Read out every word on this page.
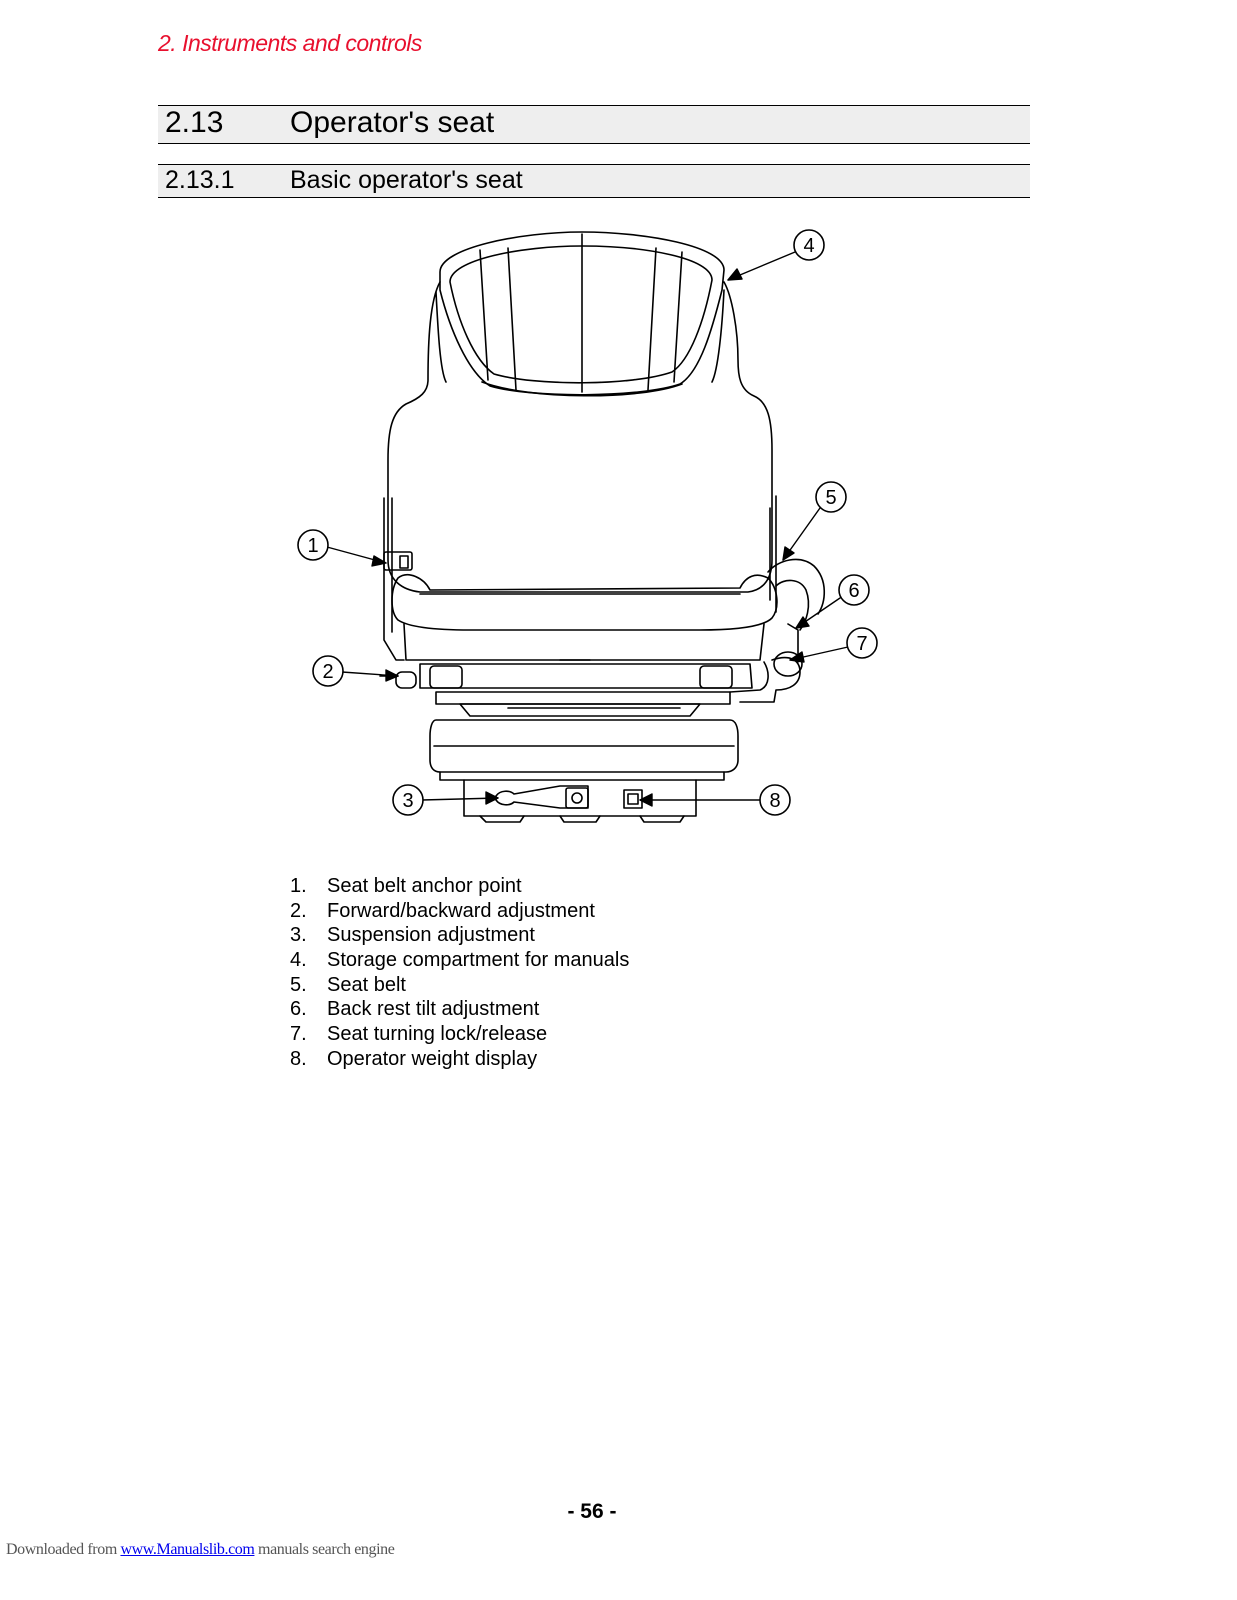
2. Instruments and controls
2.13 Operator's seat
2.13.1 Basic operator's seat
1
2
3
4
5
6
7
8
1. Seat belt anchor point
2. Forward/backward adjustment
3. Suspension adjustment
4. Storage compartment for manuals
5. Seat belt
6. Back rest tilt adjustment
7. Seat turning lock/release
8. Operator weight display
- 56 -
Downloaded from www.Manualslib.com manuals search engine
